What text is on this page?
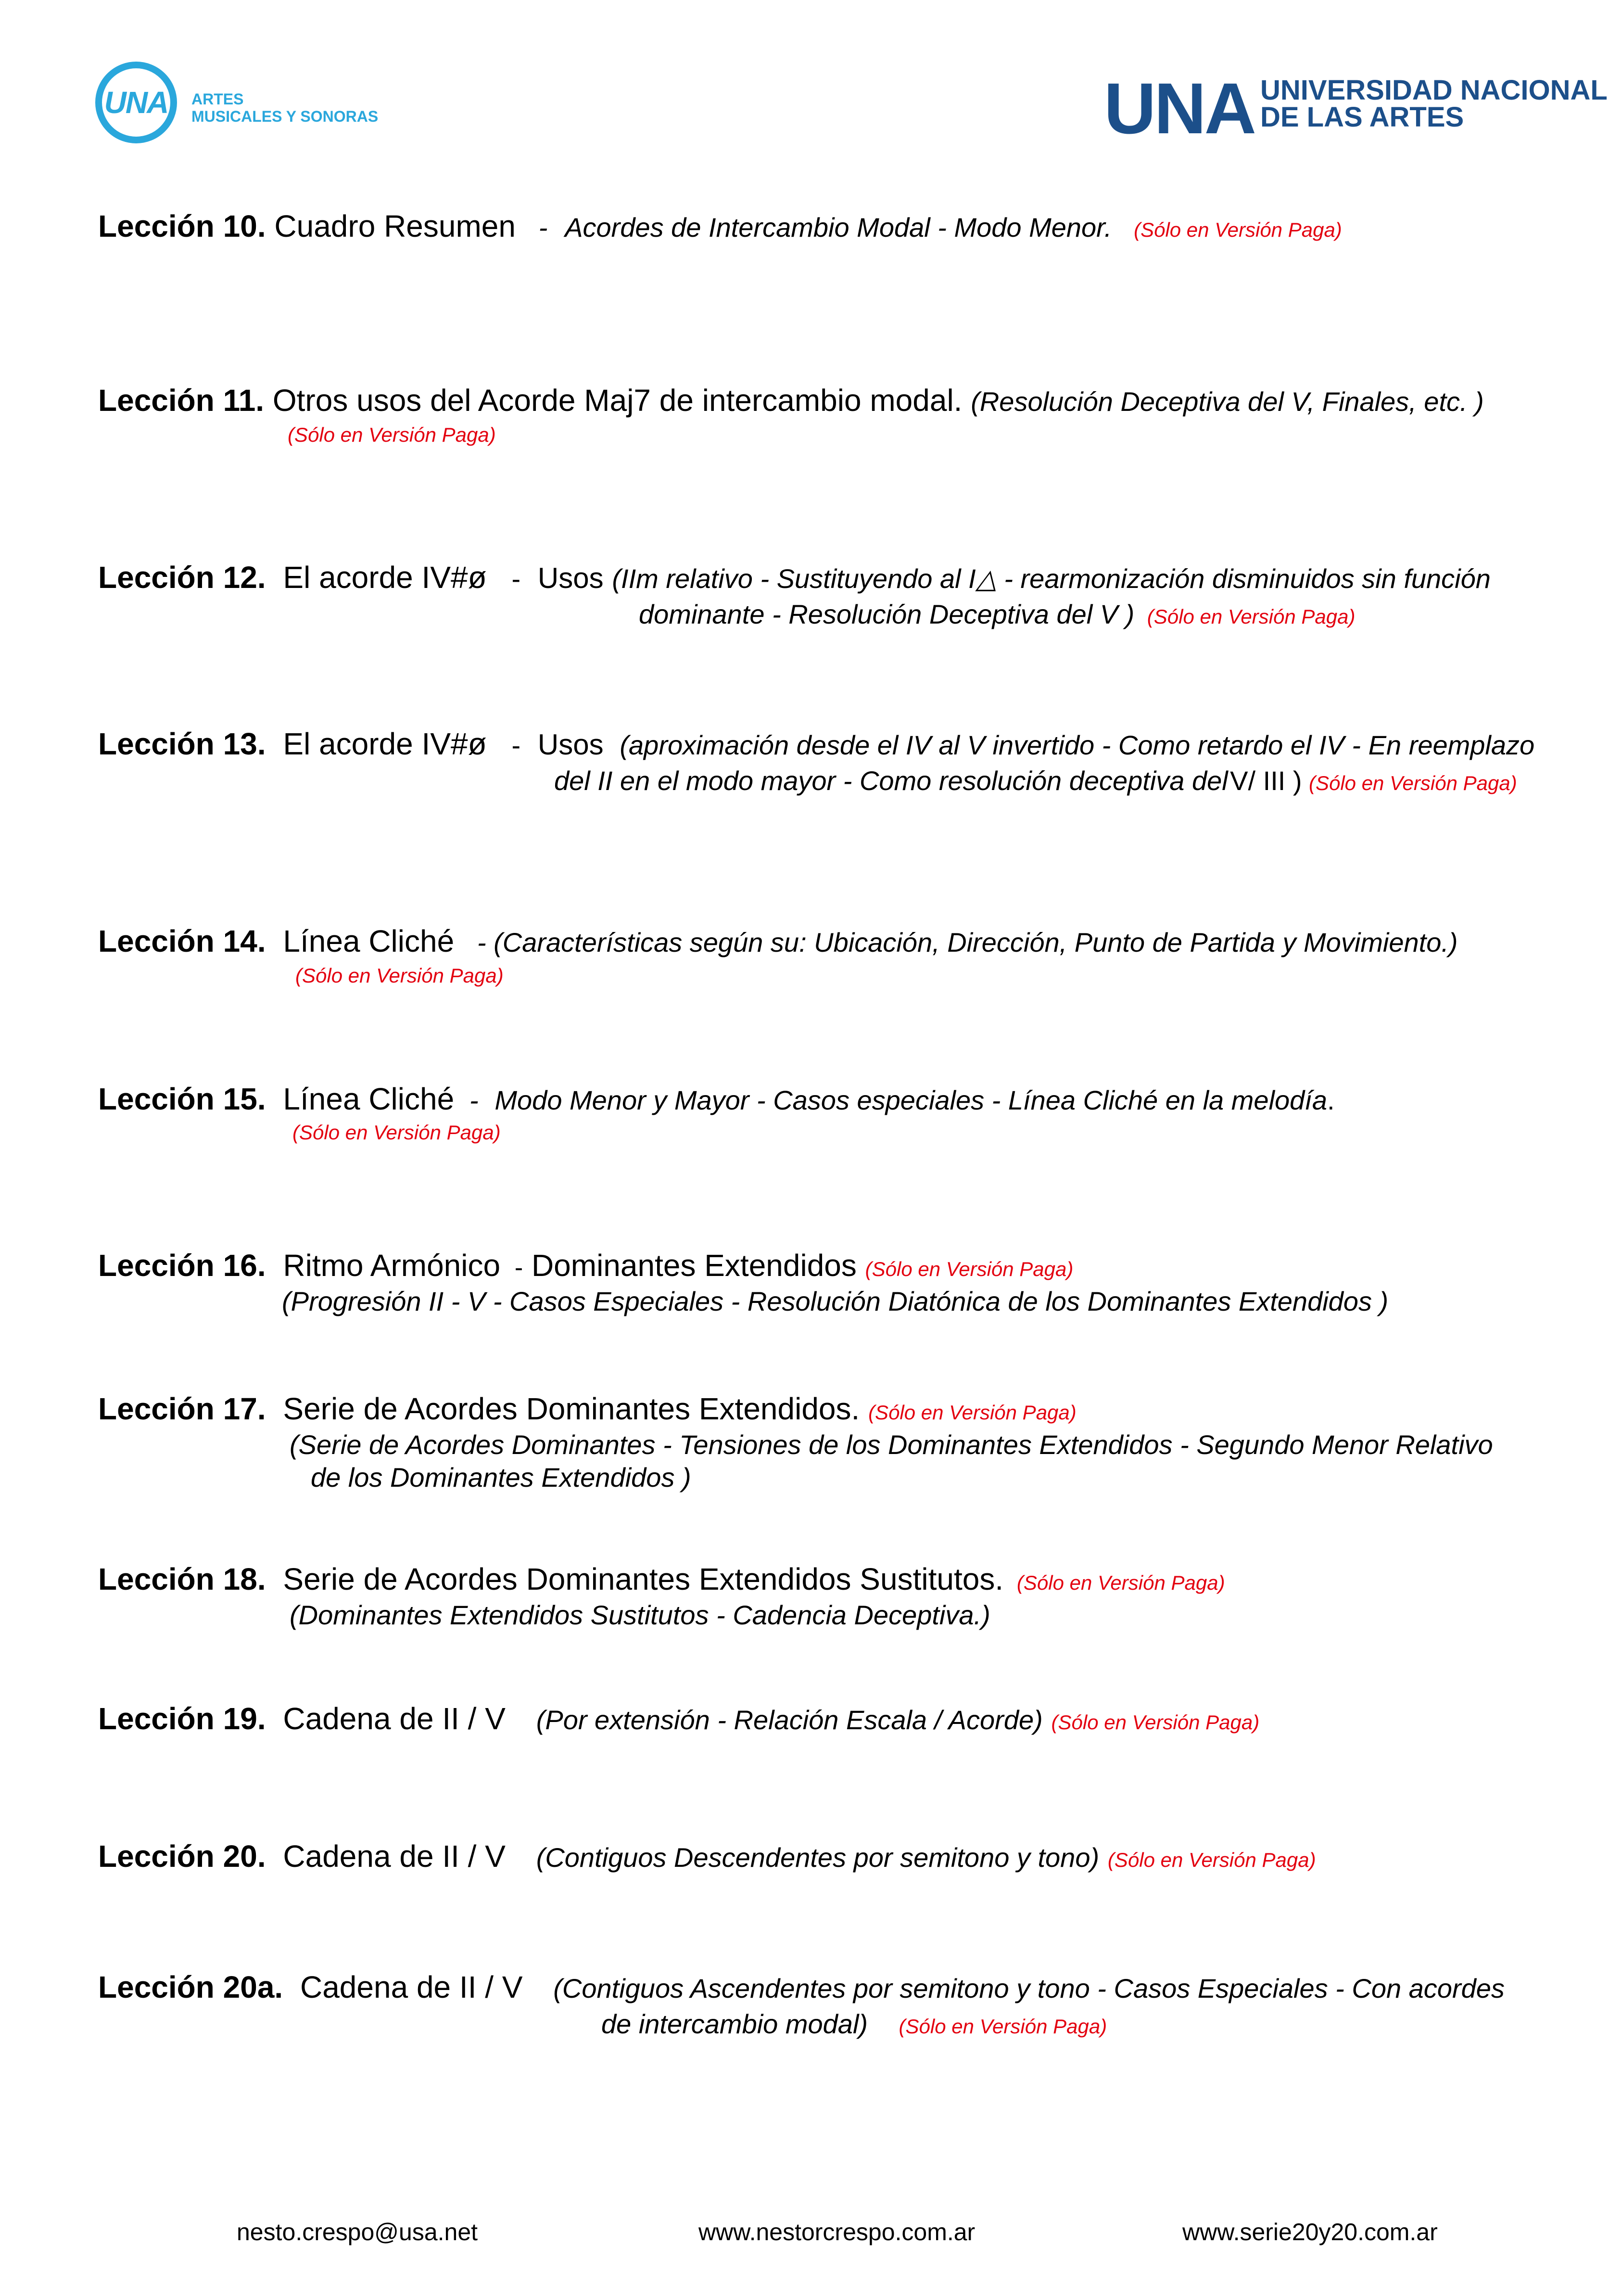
UNA ARTES
MUSICALES Y SONORAS	UNA UNIVERSIDAD NACIONAL
DE LAS ARTES
Lección 10. Cuadro Resumen - Acordes de Intercambio Modal - Modo Menor. (Sólo en Versión Paga)
Lección 11. Otros usos del Acorde Maj7 de intercambio modal. (Resolución Deceptiva del V, Finales, etc. )
(Sólo en Versión Paga)
Lección 12. El acorde IV#ø - Usos (IIm relativo - Sustituyendo al I△ - rearmonización disminuidos sin función
dominante - Resolución Deceptiva del V ) (Sólo en Versión Paga)
Lección 13. El acorde IV#ø - Usos (aproximación desde el IV al V invertido - Como retardo el IV - En reemplazo
del II en el modo mayor - Como resolución deceptiva del V/ III ) (Sólo en Versión Paga)
Lección 14. Línea Cliché - (Características según su: Ubicación, Dirección, Punto de Partida y Movimiento.)
(Sólo en Versión Paga)
Lección 15. Línea Cliché - Modo Menor y Mayor - Casos especiales - Línea Cliché en la melodía.
(Sólo en Versión Paga)
Lección 16. Ritmo Armónico - Dominantes Extendidos (Sólo en Versión Paga)
(Progresión II - V - Casos Especiales - Resolución Diatónica de los Dominantes Extendidos )
Lección 17. Serie de Acordes Dominantes Extendidos. (Sólo en Versión Paga)
(Serie de Acordes Dominantes - Tensiones de los Dominantes Extendidos - Segundo Menor Relativo
de los Dominantes Extendidos )
Lección 18. Serie de Acordes Dominantes Extendidos Sustitutos. (Sólo en Versión Paga)
(Dominantes Extendidos Sustitutos - Cadencia Deceptiva.)
Lección 19. Cadena de II / V (Por extensión - Relación Escala / Acorde) (Sólo en Versión Paga)
Lección 20. Cadena de II / V (Contiguos Descendentes por semitono y tono) (Sólo en Versión Paga)
Lección 20a. Cadena de II / V (Contiguos Ascendentes por semitono y tono - Casos Especiales - Con acordes
de intercambio modal) (Sólo en Versión Paga)
nesto.crespo@usa.net	www.nestorcrespo.com.ar	www.serie20y20.com.ar
